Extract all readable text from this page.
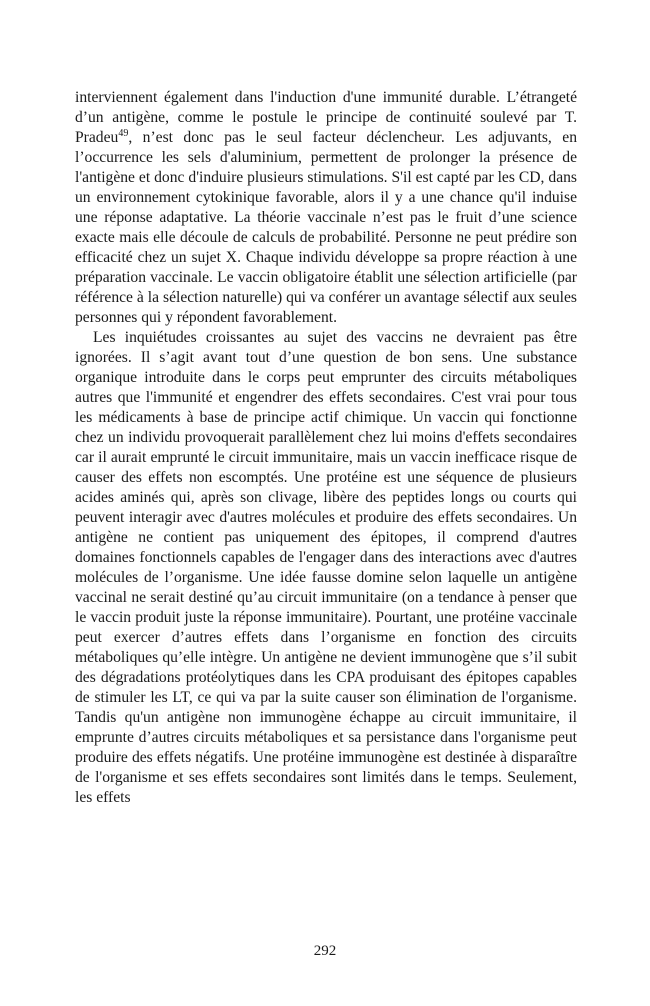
interviennent également dans l'induction d'une immunité durable. L’étrangeté d’un antigène, comme le postule le principe de continuité soulevé par T. Pradeu$^{49}$, n’est donc pas le seul facteur déclencheur. Les adjuvants, en l’occurrence les sels d'aluminium, permettent de prolonger la présence de l'antigène et donc d'induire plusieurs stimulations. S'il est capté par les CD, dans un environnement cytokinique favorable, alors il y a une chance qu'il induise une réponse adaptative. La théorie vaccinale n’est pas le fruit d’une science exacte mais elle découle de calculs de probabilité. Personne ne peut prédire son efficacité chez un sujet X. Chaque individu développe sa propre réaction à une préparation vaccinale. Le vaccin obligatoire établit une sélection artificielle (par référence à la sélection naturelle) qui va conférer un avantage sélectif aux seules personnes qui y répondent favorablement.

Les inquiétudes croissantes au sujet des vaccins ne devraient pas être ignorées. Il s’agit avant tout d’une question de bon sens. Une substance organique introduite dans le corps peut emprunter des circuits métaboliques autres que l'immunité et engendrer des effets secondaires. C'est vrai pour tous les médicaments à base de principe actif chimique. Un vaccin qui fonctionne chez un individu provoquerait parallèlement chez lui moins d'effets secondaires car il aurait emprunté le circuit immunitaire, mais un vaccin inefficace risque de causer des effets non escomptés. Une protéine est une séquence de plusieurs acides aminés qui, après son clivage, libère des peptides longs ou courts qui peuvent interagir avec d'autres molécules et produire des effets secondaires. Un antigène ne contient pas uniquement des épitopes, il comprend d'autres domaines fonctionnels capables de l'engager dans des interactions avec d'autres molécules de l’organisme. Une idée fausse domine selon laquelle un antigène vaccinal ne serait destiné qu’au circuit immunitaire (on a tendance à penser que le vaccin produit juste la réponse immunitaire). Pourtant, une protéine vaccinale peut exercer d’autres effets dans l’organisme en fonction des circuits métaboliques qu’elle intègre. Un antigène ne devient immunogène que s’il subit des dégradations protéolytiques dans les CPA produisant des épitopes capables de stimuler les LT, ce qui va par la suite causer son élimination de l'organisme. Tandis qu'un antigène non immunogène échappe au circuit immunitaire, il emprunte d’autres circuits métaboliques et sa persistance dans l'organisme peut produire des effets négatifs. Une protéine immunogène est destinée à disparaître de l'organisme et ses effets secondaires sont limités dans le temps. Seulement, les effets

292
